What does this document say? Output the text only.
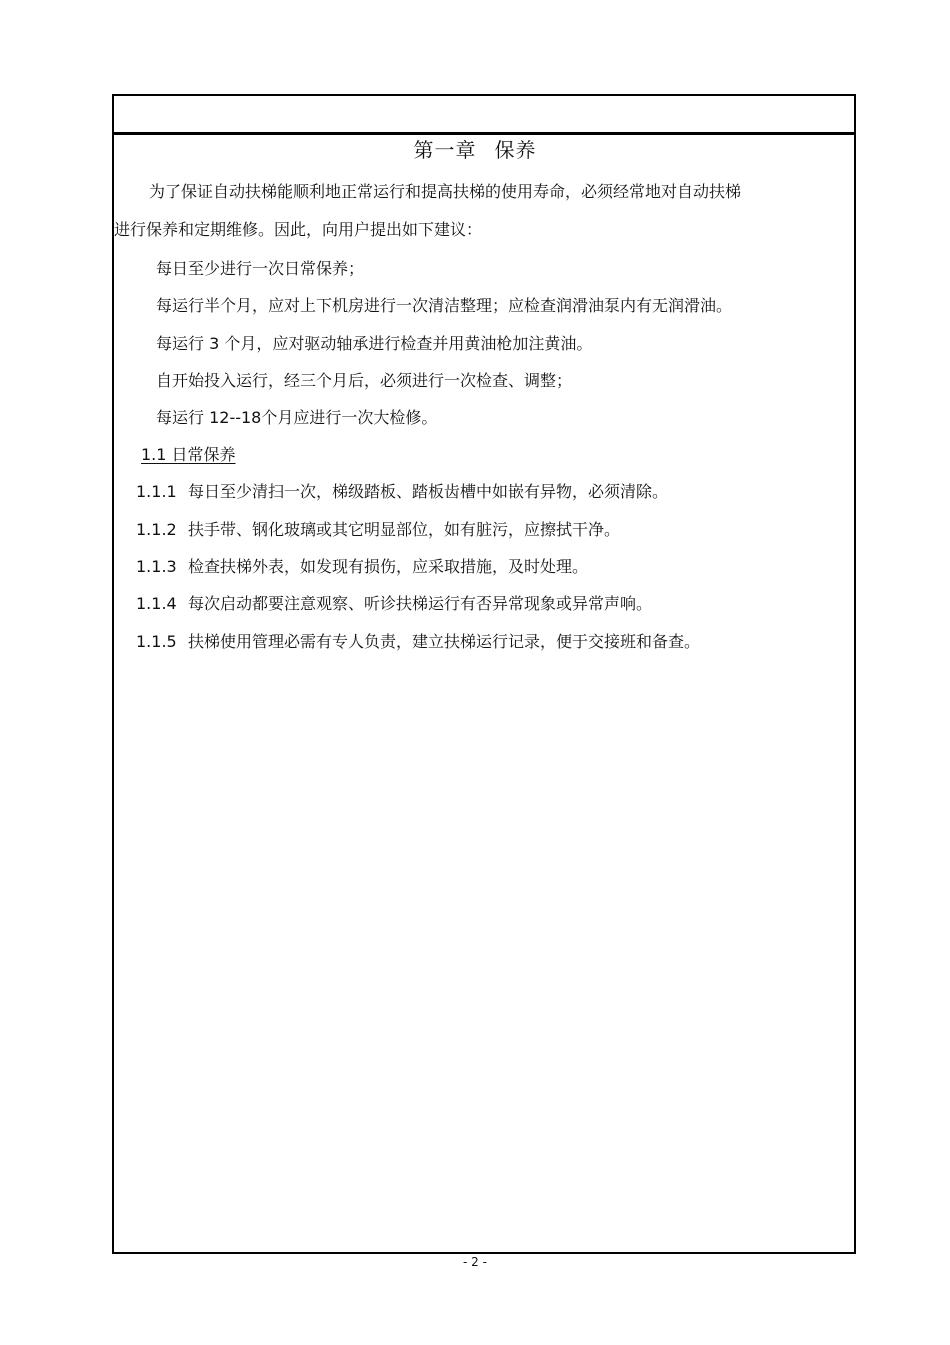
第一章 保养
为了保证自动扶梯能顺利地正常运行和提高扶梯的使用寿命，必须经常地对自动扶梯
进行保养和定期维修。因此，向用户提出如下建议：
每日至少进行一次日常保养；
每运行半个月，应对上下机房进行一次清洁整理；应检查润滑油泵内有无润滑油。
每运行 3 个月，应对驱动轴承进行检查并用黄油枪加注黄油。
自开始投入运行，经三个月后，必须进行一次检查、调整；
每运行 12--18个月应进行一次大检修。
1.1 日常保养
1.1.1 每日至少清扫一次，梯级踏板、踏板齿槽中如嵌有异物，必须清除。
1.1.2 扶手带、钢化玻璃或其它明显部位，如有脏污，应擦拭干净。
1.1.3 检查扶梯外表，如发现有损伤，应采取措施，及时处理。
1.1.4 每次启动都要注意观察、听诊扶梯运行有否异常现象或异常声响。
1.1.5 扶梯使用管理必需有专人负责，建立扶梯运行记录，便于交接班和备查。
- 2 -
